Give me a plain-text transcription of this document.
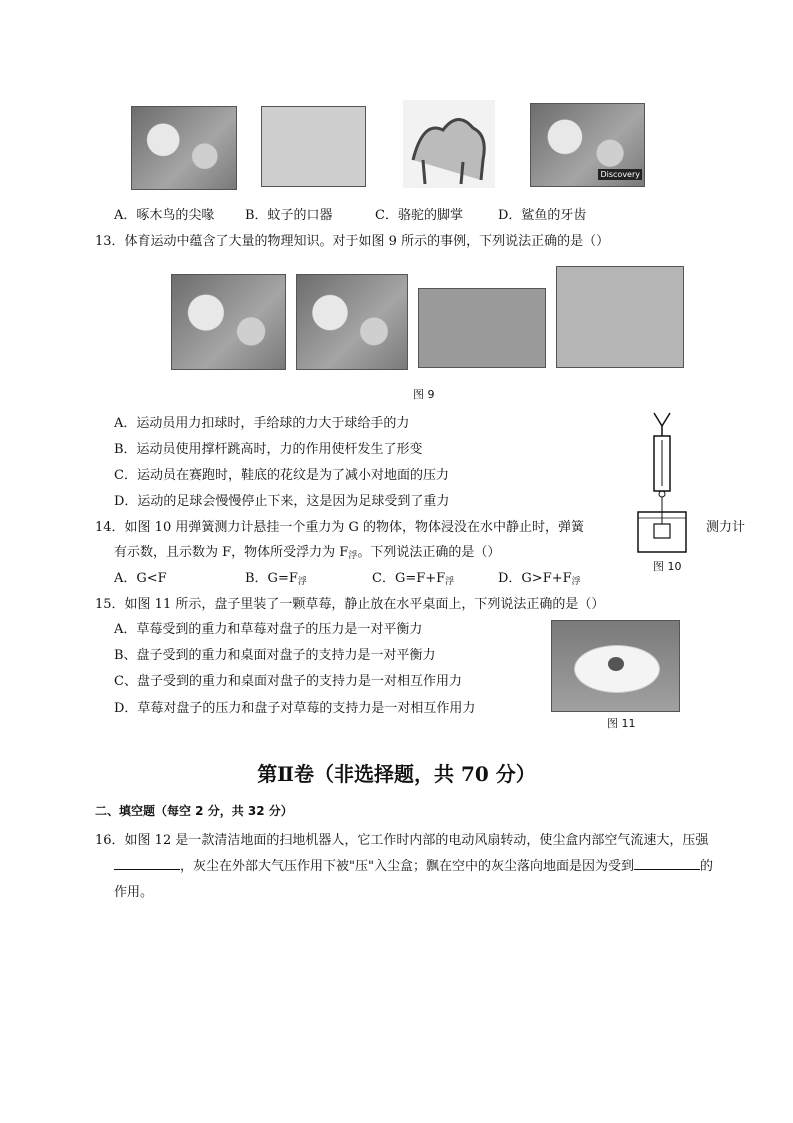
Discovery
A．啄木鸟的尖喙 B．蚊子的口器	C．骆驼的脚掌	D．鲨鱼的牙齿
13．体育运动中蕴含了大量的物理知识。对于如图 9 所示的事例，下列说法正确的是（）
图 9
A．运动员用力扣球时，手给球的力大于球给手的力
B．运动员使用撑杆跳高时，力的作用使杆发生了形变
C．运动员在赛跑时，鞋底的花纹是为了减小对地面的压力
D．运动的足球会慢慢停止下来，这是因为足球受到了重力
图 10
14．如图 10 用弹簧测力计悬挂一个重力为 G 的物体，物体浸没在水中静止时，弹簧	测力计
有示数，且示数为 F，物体所受浮力为 $F_浮$。下列说法正确的是（）
A．G<F	B．$G=F_浮$	C．$G=F+F_浮$	D．$G>F+F_浮$
15．如图 11 所示，盘子里装了一颗草莓，静止放在水平桌面上，下列说法正确的是（）
A．草莓受到的重力和草莓对盘子的压力是一对平衡力
B、盘子受到的重力和桌面对盘子的支持力是一对平衡力
C、盘子受到的重力和桌面对盘子的支持力是一对相互作用力
D．草莓对盘子的压力和盘子对草莓的支持力是一对相互作用力
图 11
第Ⅱ卷（非选择题，共 70 分）
二、填空题（每空 2 分，共 32 分）
16．如图 12 是一款清洁地面的扫地机器人，它工作时内部的电动风扇转动，使尘盒内部空气流速大，压强
，灰尘在外部大气压作用下被"压"入尘盒；飘在空中的灰尘落向地面是因为受到	的
作用。
